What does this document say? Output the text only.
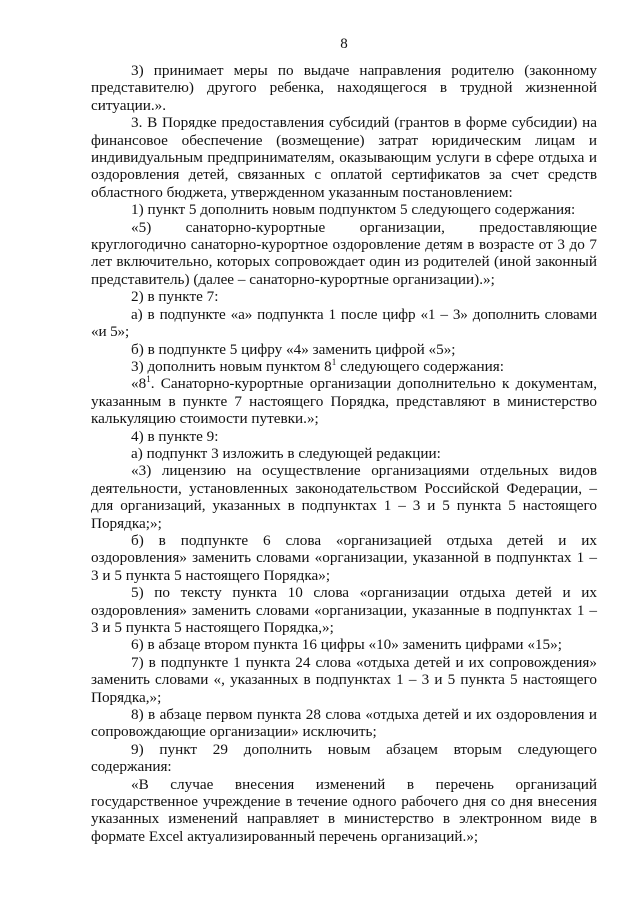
8

3) принимает меры по выдаче направления родителю (законному представителю) другого ребенка, находящегося в трудной жизненной ситуации.».

3. В Порядке предоставления субсидий (грантов в форме субсидии) на финансовое обеспечение (возмещение) затрат юридическим лицам и индивидуальным предпринимателям, оказывающим услуги в сфере отдыха и оздоровления детей, связанных с оплатой сертификатов за счет средств областного бюджета, утвержденном указанным постановлением:

1) пункт 5 дополнить новым подпунктом 5 следующего содержания:

«5) санаторно-курортные организации, предоставляющие круглогодично санаторно-курортное оздоровление детям в возрасте от 3 до 7 лет включительно, которых сопровождает один из родителей (иной законный представитель) (далее – санаторно-курортные организации).»;

2) в пункте 7:

а) в подпункте «а» подпункта 1 после цифр «1 – 3» дополнить словами «и 5»;

б) в подпункте 5 цифру «4» заменить цифрой «5»;

3) дополнить новым пунктом $8^1$ следующего содержания:

«$8^1$. Санаторно-курортные организации дополнительно к документам, указанным в пункте 7 настоящего Порядка, представляют в министерство калькуляцию стоимости путевки.»;

4) в пункте 9:

а) подпункт 3 изложить в следующей редакции:

«3) лицензию на осуществление организациями отдельных видов деятельности, установленных законодательством Российской Федерации, – для организаций, указанных в подпунктах 1 – 3 и 5 пункта 5 настоящего Порядка;»;

б) в подпункте 6 слова «организацией отдыха детей и их оздоровления» заменить словами «организации, указанной в подпунктах 1 – 3 и 5 пункта 5 настоящего Порядка»;

5) по тексту пункта 10 слова «организации отдыха детей и их оздоровления» заменить словами «организации, указанные в подпунктах 1 – 3 и 5 пункта 5 настоящего Порядка,»;

6) в абзаце втором пункта 16 цифры «10» заменить цифрами «15»;

7) в подпункте 1 пункта 24 слова «отдыха детей и их сопровождения» заменить словами «, указанных в подпунктах 1 – 3 и 5 пункта 5 настоящего Порядка,»;

8) в абзаце первом пункта 28 слова «отдыха детей и их оздоровления и сопровождающие организации» исключить;

9) пункт 29 дополнить новым абзацем вторым следующего содержания:

«В случае внесения изменений в перечень организаций государственное учреждение в течение одного рабочего дня со дня внесения указанных изменений направляет в министерство в электронном виде в формате Excel актуализированный перечень организаций.»;
